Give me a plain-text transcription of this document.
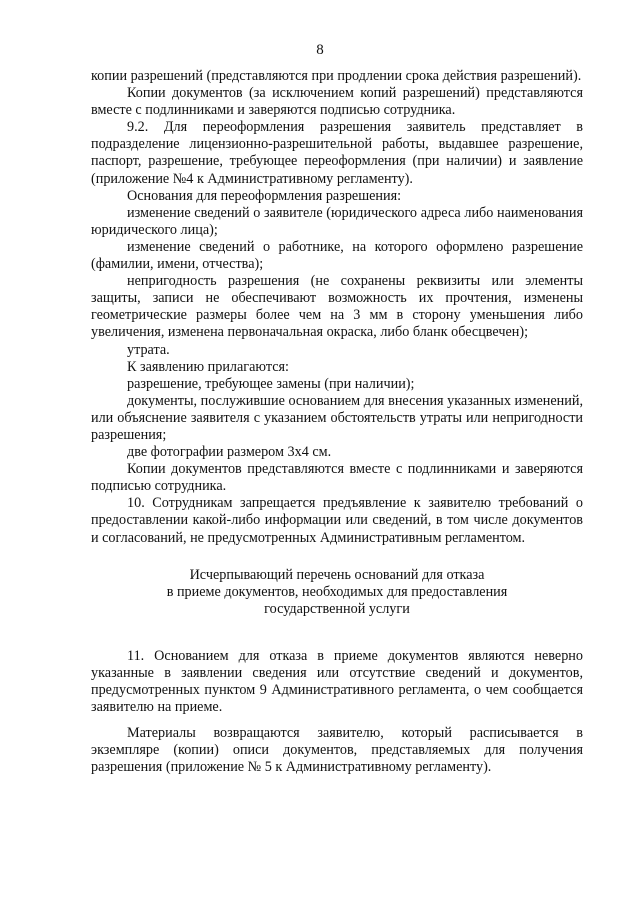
8

копии разрешений (представляются при продлении срока действия разрешений).

Копии документов (за исключением копий разрешений) представляются вместе с подлинниками и заверяются подписью сотрудника.

9.2. Для переоформления разрешения заявитель представляет в подразделение лицензионно-разрешительной работы, выдавшее разрешение, паспорт, разрешение, требующее переоформления (при наличии) и заявление (приложение №4 к Административному регламенту).

Основания для переоформления разрешения:

изменение сведений о заявителе (юридического адреса либо наименования юридического лица);

изменение сведений о работнике, на которого оформлено разрешение (фамилии, имени, отчества);

непригодность разрешения (не сохранены реквизиты или элементы защиты, записи не обеспечивают возможность их прочтения, изменены геометрические размеры более чем на 3 мм в сторону уменьшения либо увеличения, изменена первоначальная окраска, либо бланк обесцвечен);

утрата.

К заявлению прилагаются:

разрешение, требующее замены (при наличии);

документы, послужившие основанием для внесения указанных изменений, или объяснение заявителя с указанием обстоятельств утраты или непригодности разрешения;

две фотографии размером 3х4 см.

Копии документов представляются вместе с подлинниками и заверяются подписью сотрудника.

10. Сотрудникам запрещается предъявление к заявителю требований о предоставлении какой-либо информации или сведений, в том числе документов и согласований, не предусмотренных Административным регламентом.

Исчерпывающий перечень оснований для отказа

в приеме документов, необходимых для предоставления

государственной услуги

11. Основанием для отказа в приеме документов являются неверно указанные в заявлении сведения или отсутствие сведений и документов, предусмотренных пунктом 9 Административного регламента, о чем сообщается заявителю на приеме.

Материалы возвращаются заявителю, который расписывается в экземпляре (копии) описи документов, представляемых для получения разрешения (приложение № 5 к Административному регламенту).
